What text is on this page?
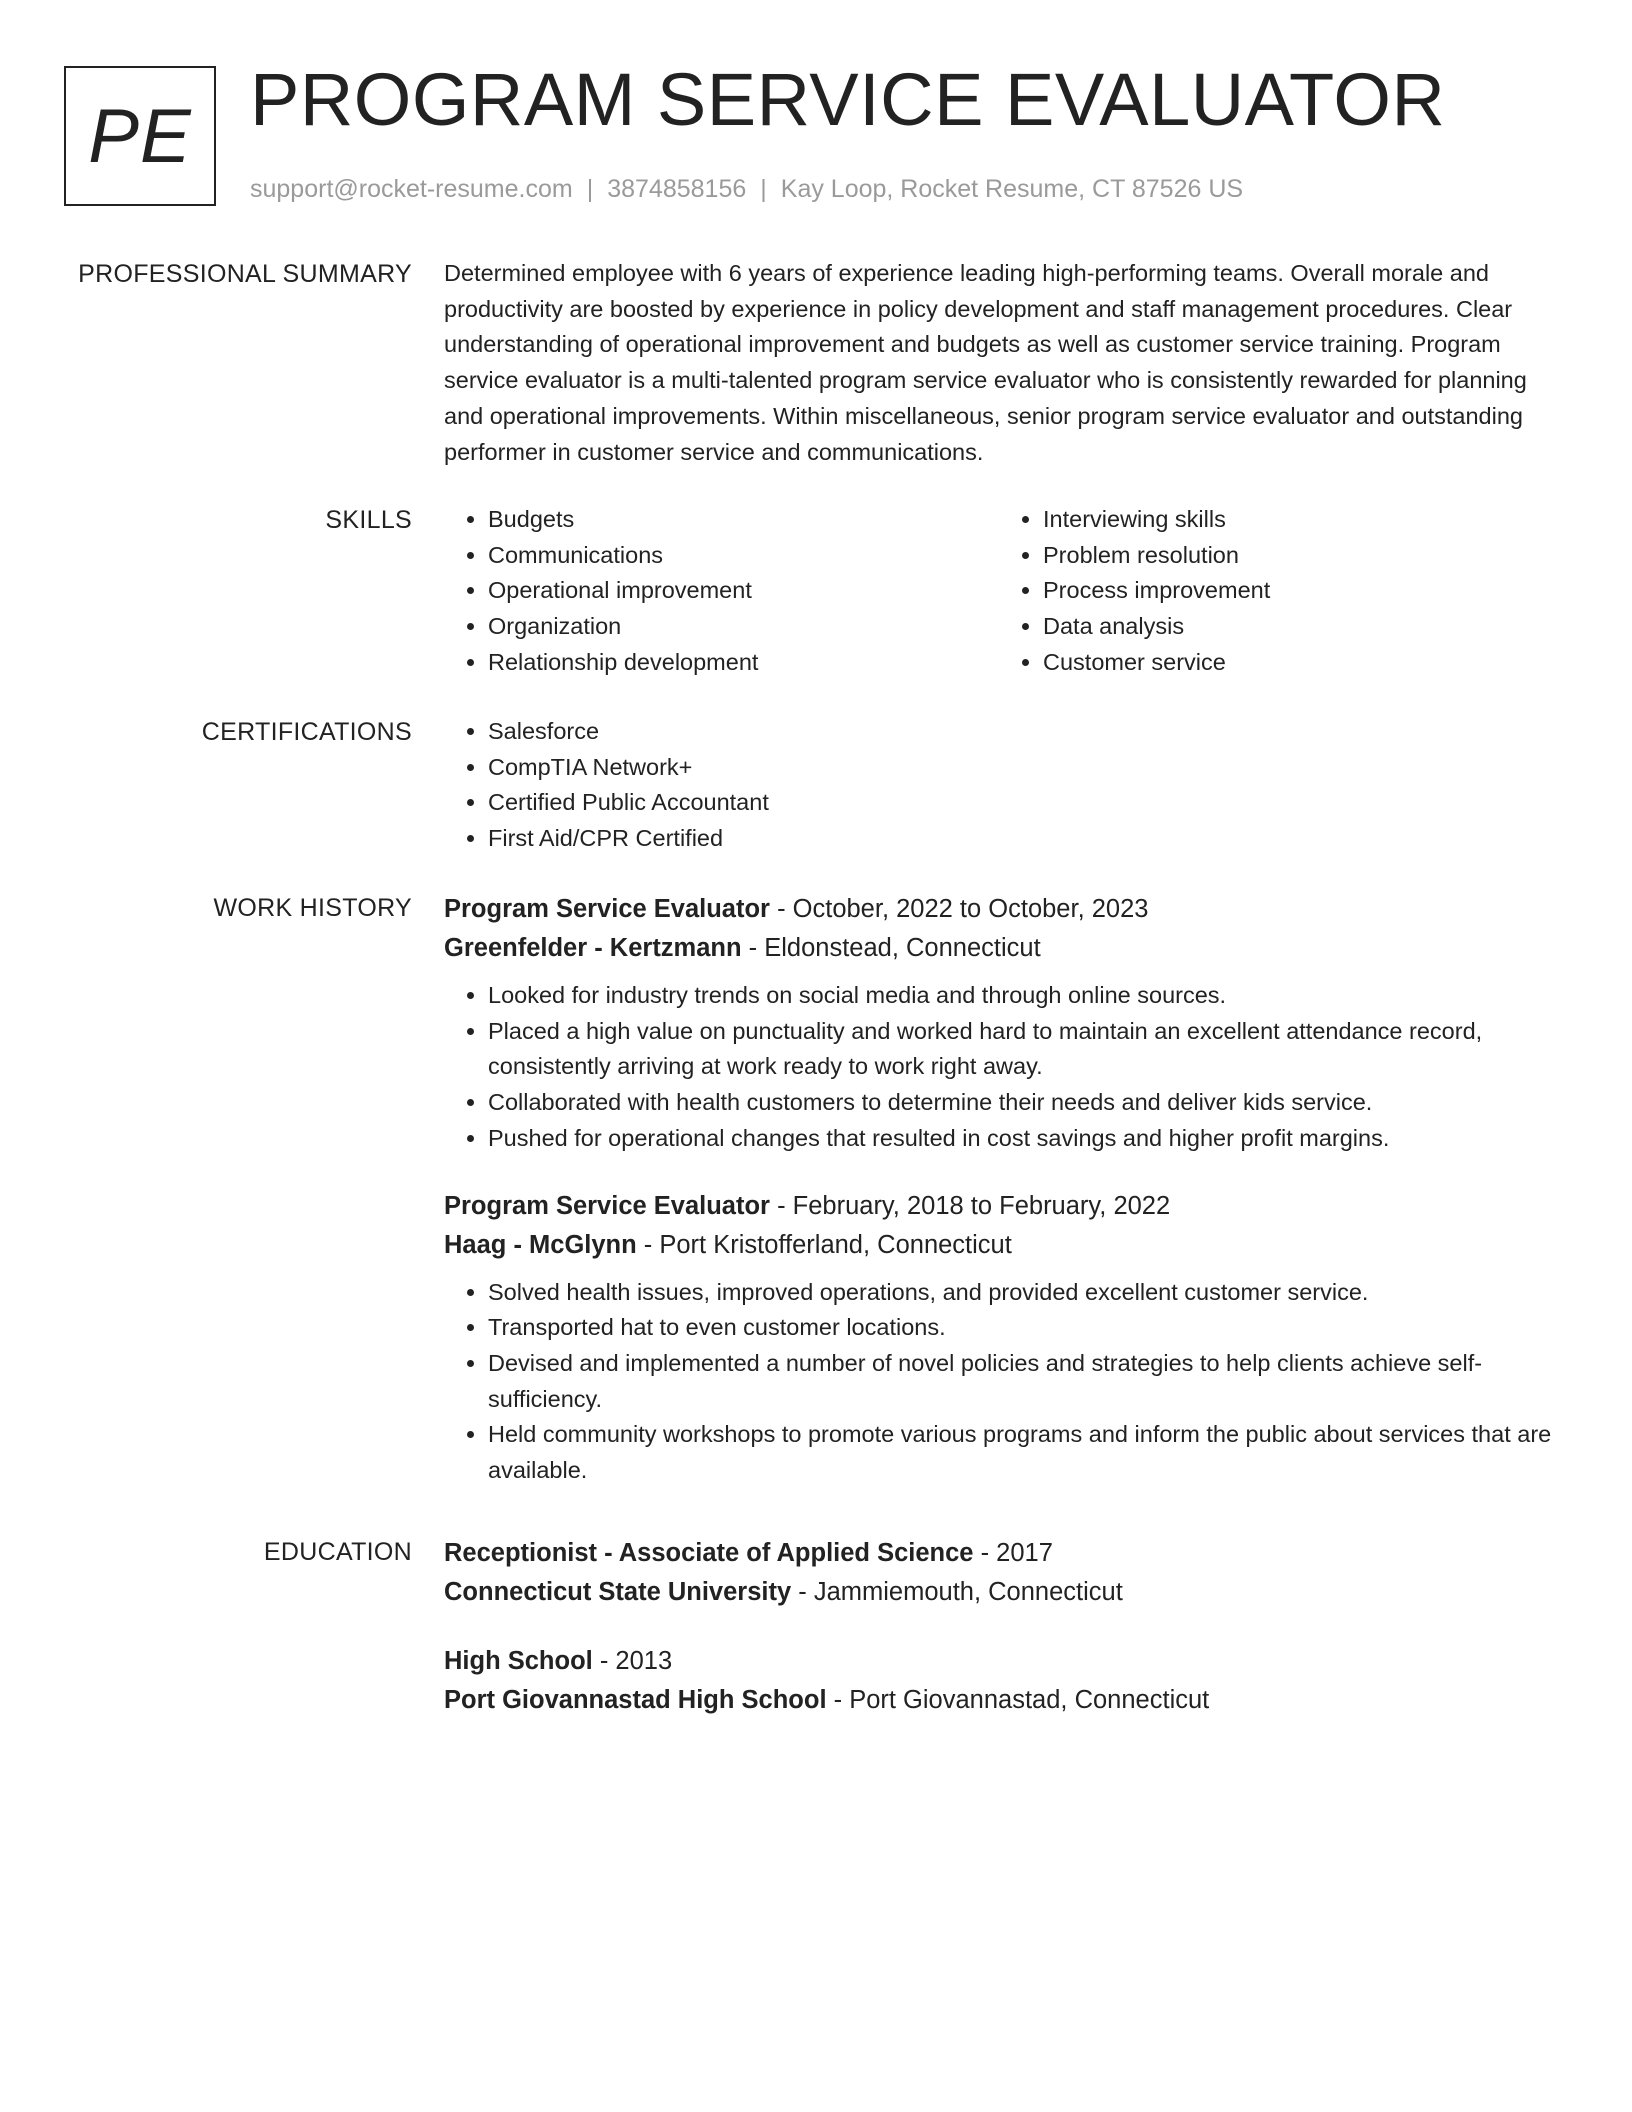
PE PROGRAM SERVICE EVALUATOR
support@rocket-resume.com | 3874858156 | Kay Loop, Rocket Resume, CT 87526 US
PROFESSIONAL SUMMARY Determined employee with 6 years of experience leading high-performing teams. Overall morale and productivity are boosted by experience in policy development and staff management procedures. Clear understanding of operational improvement and budgets as well as customer service training. Program service evaluator is a multi-talented program service evaluator who is consistently rewarded for planning and operational improvements. Within miscellaneous, senior program service evaluator and outstanding performer in customer service and communications.

SKILLS	• Budgets
• Communications
• Operational improvement
• Organization
• Relationship development
• Interviewing skills
• Problem resolution
• Process improvement
• Data analysis
• Customer service
CERTIFICATIONS	• Salesforce
• CompTIA Network+
• Certified Public Accountant
• First Aid/CPR Certified
WORK HISTORY Program Service Evaluator - October, 2022 to October, 2023
Greenfelder - Kertzmann - Eldonstead, Connecticut
• Looked for industry trends on social media and through online sources.
• Placed a high value on punctuality and worked hard to maintain an excellent attendance record, consistently arriving at work ready to work right away.
• Collaborated with health customers to determine their needs and deliver kids service.
• Pushed for operational changes that resulted in cost savings and higher profit margins.
Program Service Evaluator - February, 2018 to February, 2022
Haag - McGlynn - Port Kristofferland, Connecticut
• Solved health issues, improved operations, and provided excellent customer service.
• Transported hat to even customer locations.
• Devised and implemented a number of novel policies and strategies to help clients achieve self-sufficiency.
• Held community workshops to promote various programs and inform the public about services that are available.
EDUCATION Receptionist - Associate of Applied Science - 2017
Connecticut State University - Jammiemouth, Connecticut
High School - 2013
Port Giovannastad High School - Port Giovannastad, Connecticut
